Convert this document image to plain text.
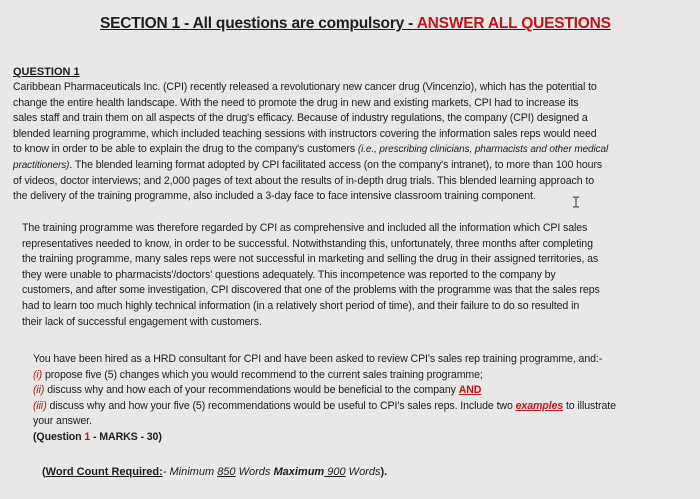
SECTION 1 - All questions are compulsory - ANSWER ALL QUESTIONS
QUESTION 1
Caribbean Pharmaceuticals Inc. (CPI) recently released a revolutionary new cancer drug (Vincenzio), which has the potential to
change the entire health landscape. With the need to promote the drug in new and existing markets, CPI had to increase its
sales staff and train them on all aspects of the drug's efficacy. Because of industry regulations, the company (CPI) designed a
blended learning programme, which included teaching sessions with instructors covering the information sales reps would need
to know in order to be able to explain the drug to the company's customers (i.e., prescribing clinicians, pharmacists and other medical
practitioners). The blended learning format adopted by CPI facilitated access (on the company's intranet), to more than 100 hours
of videos, doctor interviews; and 2,000 pages of text about the results of in-depth drug trials. This blended learning approach to
the delivery of the training programme, also included a 3-day face to face intensive classroom training component.
The training programme was therefore regarded by CPI as comprehensive and included all the information which CPI sales
representatives needed to know, in order to be successful. Notwithstanding this, unfortunately, three months after completing
the training programme, many sales reps were not successful in marketing and selling the drug in their assigned territories, as
they were unable to pharmacists'/doctors' questions adequately. This incompetence was reported to the company by
customers, and after some investigation, CPI discovered that one of the problems with the programme was that the sales reps
had to learn too much highly technical information (in a relatively short period of time), and their failure to do so resulted in
their lack of successful engagement with customers.
You have been hired as a HRD consultant for CPI and have been asked to review CPI's sales rep training programme, and:-
(i) propose five (5) changes which you would recommend to the current sales training programme;
(ii) discuss why and how each of your recommendations would be beneficial to the company AND
(iii) discuss why and how your five (5) recommendations would be useful to CPI's sales reps. Include two examples to illustrate
your answer.
(Question 1 - MARKS - 30)
(Word Count Required:- Minimum 850 Words Maximum 900 Words).
